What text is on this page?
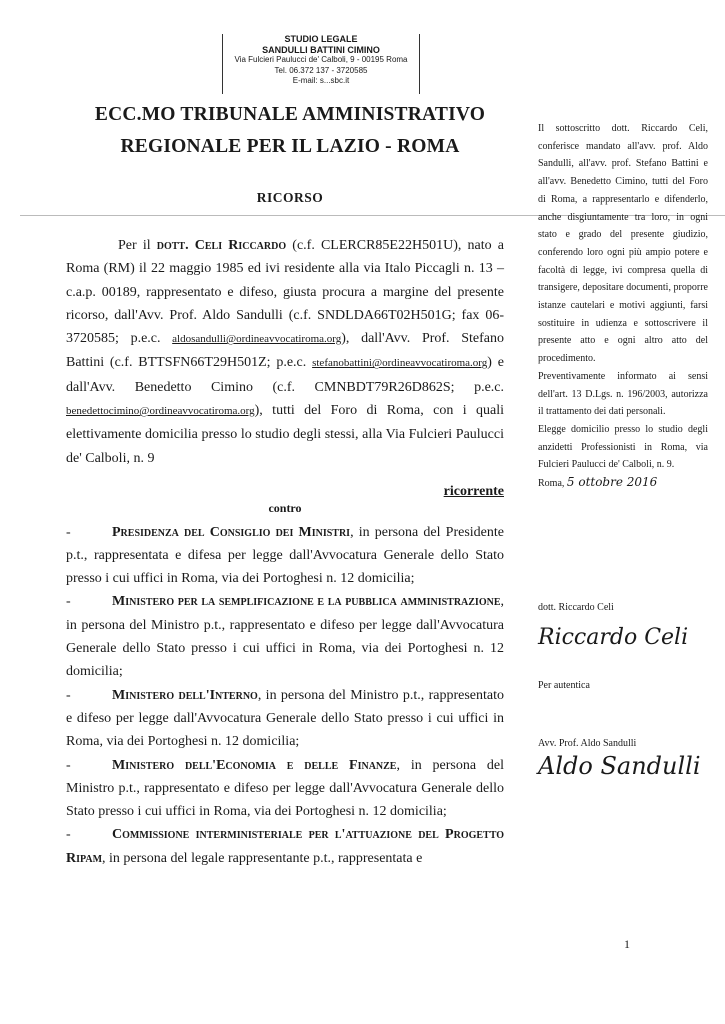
STUDIO LEGALE
SANDULLI BATTINI CIMINO
Via Fulcieri Paulucci de' Calboli, 9 - 00195 Roma
Tel. 06.372 137 - 3720585
E-mail: s...sbc.it
ECC.MO TRIBUNALE AMMINISTRATIVO
REGIONALE PER IL LAZIO - ROMA
RICORSO
Per il dott. Celi Riccardo (c.f. CLERCR85E22H501U), nato a Roma (RM) il 22 maggio 1985 ed ivi residente alla via Italo Piccagli n. 13 – c.a.p. 00189, rappresentato e difeso, giusta procura a margine del presente ricorso, dall'Avv. Prof. Aldo Sandulli (c.f. SNDLDA66T02H501G; fax 06-3720585; p.e.c. aldosandulli@ordineavvocatiroma.org), dall'Avv. Prof. Stefano Battini (c.f. BTTSFN66T29H501Z; p.e.c. stefanobattini@ordineavvocatiroma.org) e dall'Avv. Benedetto Cimino (c.f. CMNBDT79R26D862S; p.e.c. benedettocimino@ordineavvocatiroma.org), tutti del Foro di Roma, con i quali elettivamente domicilia presso lo studio degli stessi, alla Via Fulcieri Paulucci de' Calboli, n. 9
ricorrente
contro
-	Presidenza del Consiglio dei Ministri, in persona del Presidente p.t., rappresentata e difesa per legge dall'Avvocatura Generale dello Stato presso i cui uffici in Roma, via dei Portoghesi n. 12 domicilia;
-	Ministero per la semplificazione e la pubblica amministrazione, in persona del Ministro p.t., rappresentato e difeso per legge dall'Avvocatura Generale dello Stato presso i cui uffici in Roma, via dei Portoghesi n. 12 domicilia;
-	Ministero dell'Interno, in persona del Ministro p.t., rappresentato e difeso per legge dall'Avvocatura Generale dello Stato presso i cui uffici in Roma, via dei Portoghesi n. 12 domicilia;
-	Ministero dell'Economia e delle Finanze, in persona del Ministro p.t., rappresentato e difeso per legge dall'Avvocatura Generale dello Stato presso i cui uffici in Roma, via dei Portoghesi n. 12 domicilia;
-	Commissione interministeriale per l'attuazione del Progetto Ripam, in persona del legale rappresentante p.t., rappresentata e
Il sottoscritto dott. Riccardo Celi, conferisce mandato all'avv. prof. Aldo Sandulli, all'avv. prof. Stefano Battini e all'avv. Benedetto Cimino, tutti del Foro di Roma, a rappresentarlo e difenderlo, anche disgiuntamente tra loro, in ogni stato e grado del presente giudizio, conferendo loro ogni più ampio potere e facoltà di legge, ivi compresa quella di transigere, depositare documenti, proporre istanze cautelari e motivi aggiunti, farsi sostituire in udienza e sottoscrivere il presente atto e ogni altro atto del procedimento.
Preventivamente informato ai sensi dell'art. 13 D.Lgs. n. 196/2003, autorizza il trattamento dei dati personali.
Elegge domicilio presso lo studio degli anzidetti Professionisti in Roma, via Fulcieri Paulucci de' Calboli, n. 9.
Roma, 5 ottobre 2016
dott. Riccardo Celi
Riccardo Celi
Per autentica
Avv. Prof. Aldo Sandulli
Aldo Sandulli
1
